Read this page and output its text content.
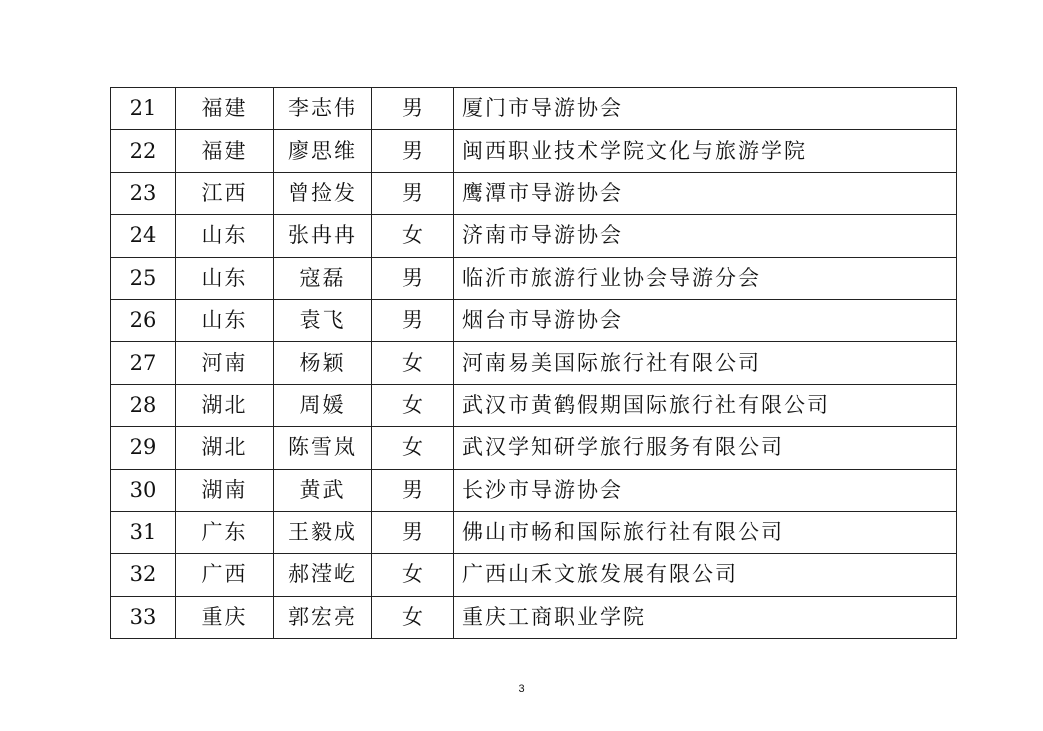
21	福建	李志伟	男	厦门市导游协会
22	福建	廖思维	男	闽西职业技术学院文化与旅游学院
23	江西	曾捡发	男	鹰潭市导游协会
24	山东	张冉冉	女	济南市导游协会
25	山东	寇磊	男	临沂市旅游行业协会导游分会
26	山东	袁飞	男	烟台市导游协会
27	河南	杨颖	女	河南易美国际旅行社有限公司
28	湖北	周媛	女	武汉市黄鹤假期国际旅行社有限公司
29	湖北	陈雪岚	女	武汉学知研学旅行服务有限公司
30	湖南	黄武	男	长沙市导游协会
31	广东	王毅成	男	佛山市畅和国际旅行社有限公司
32	广西	郝滢屹	女	广西山禾文旅发展有限公司
33	重庆	郭宏亮	女	重庆工商职业学院
3
